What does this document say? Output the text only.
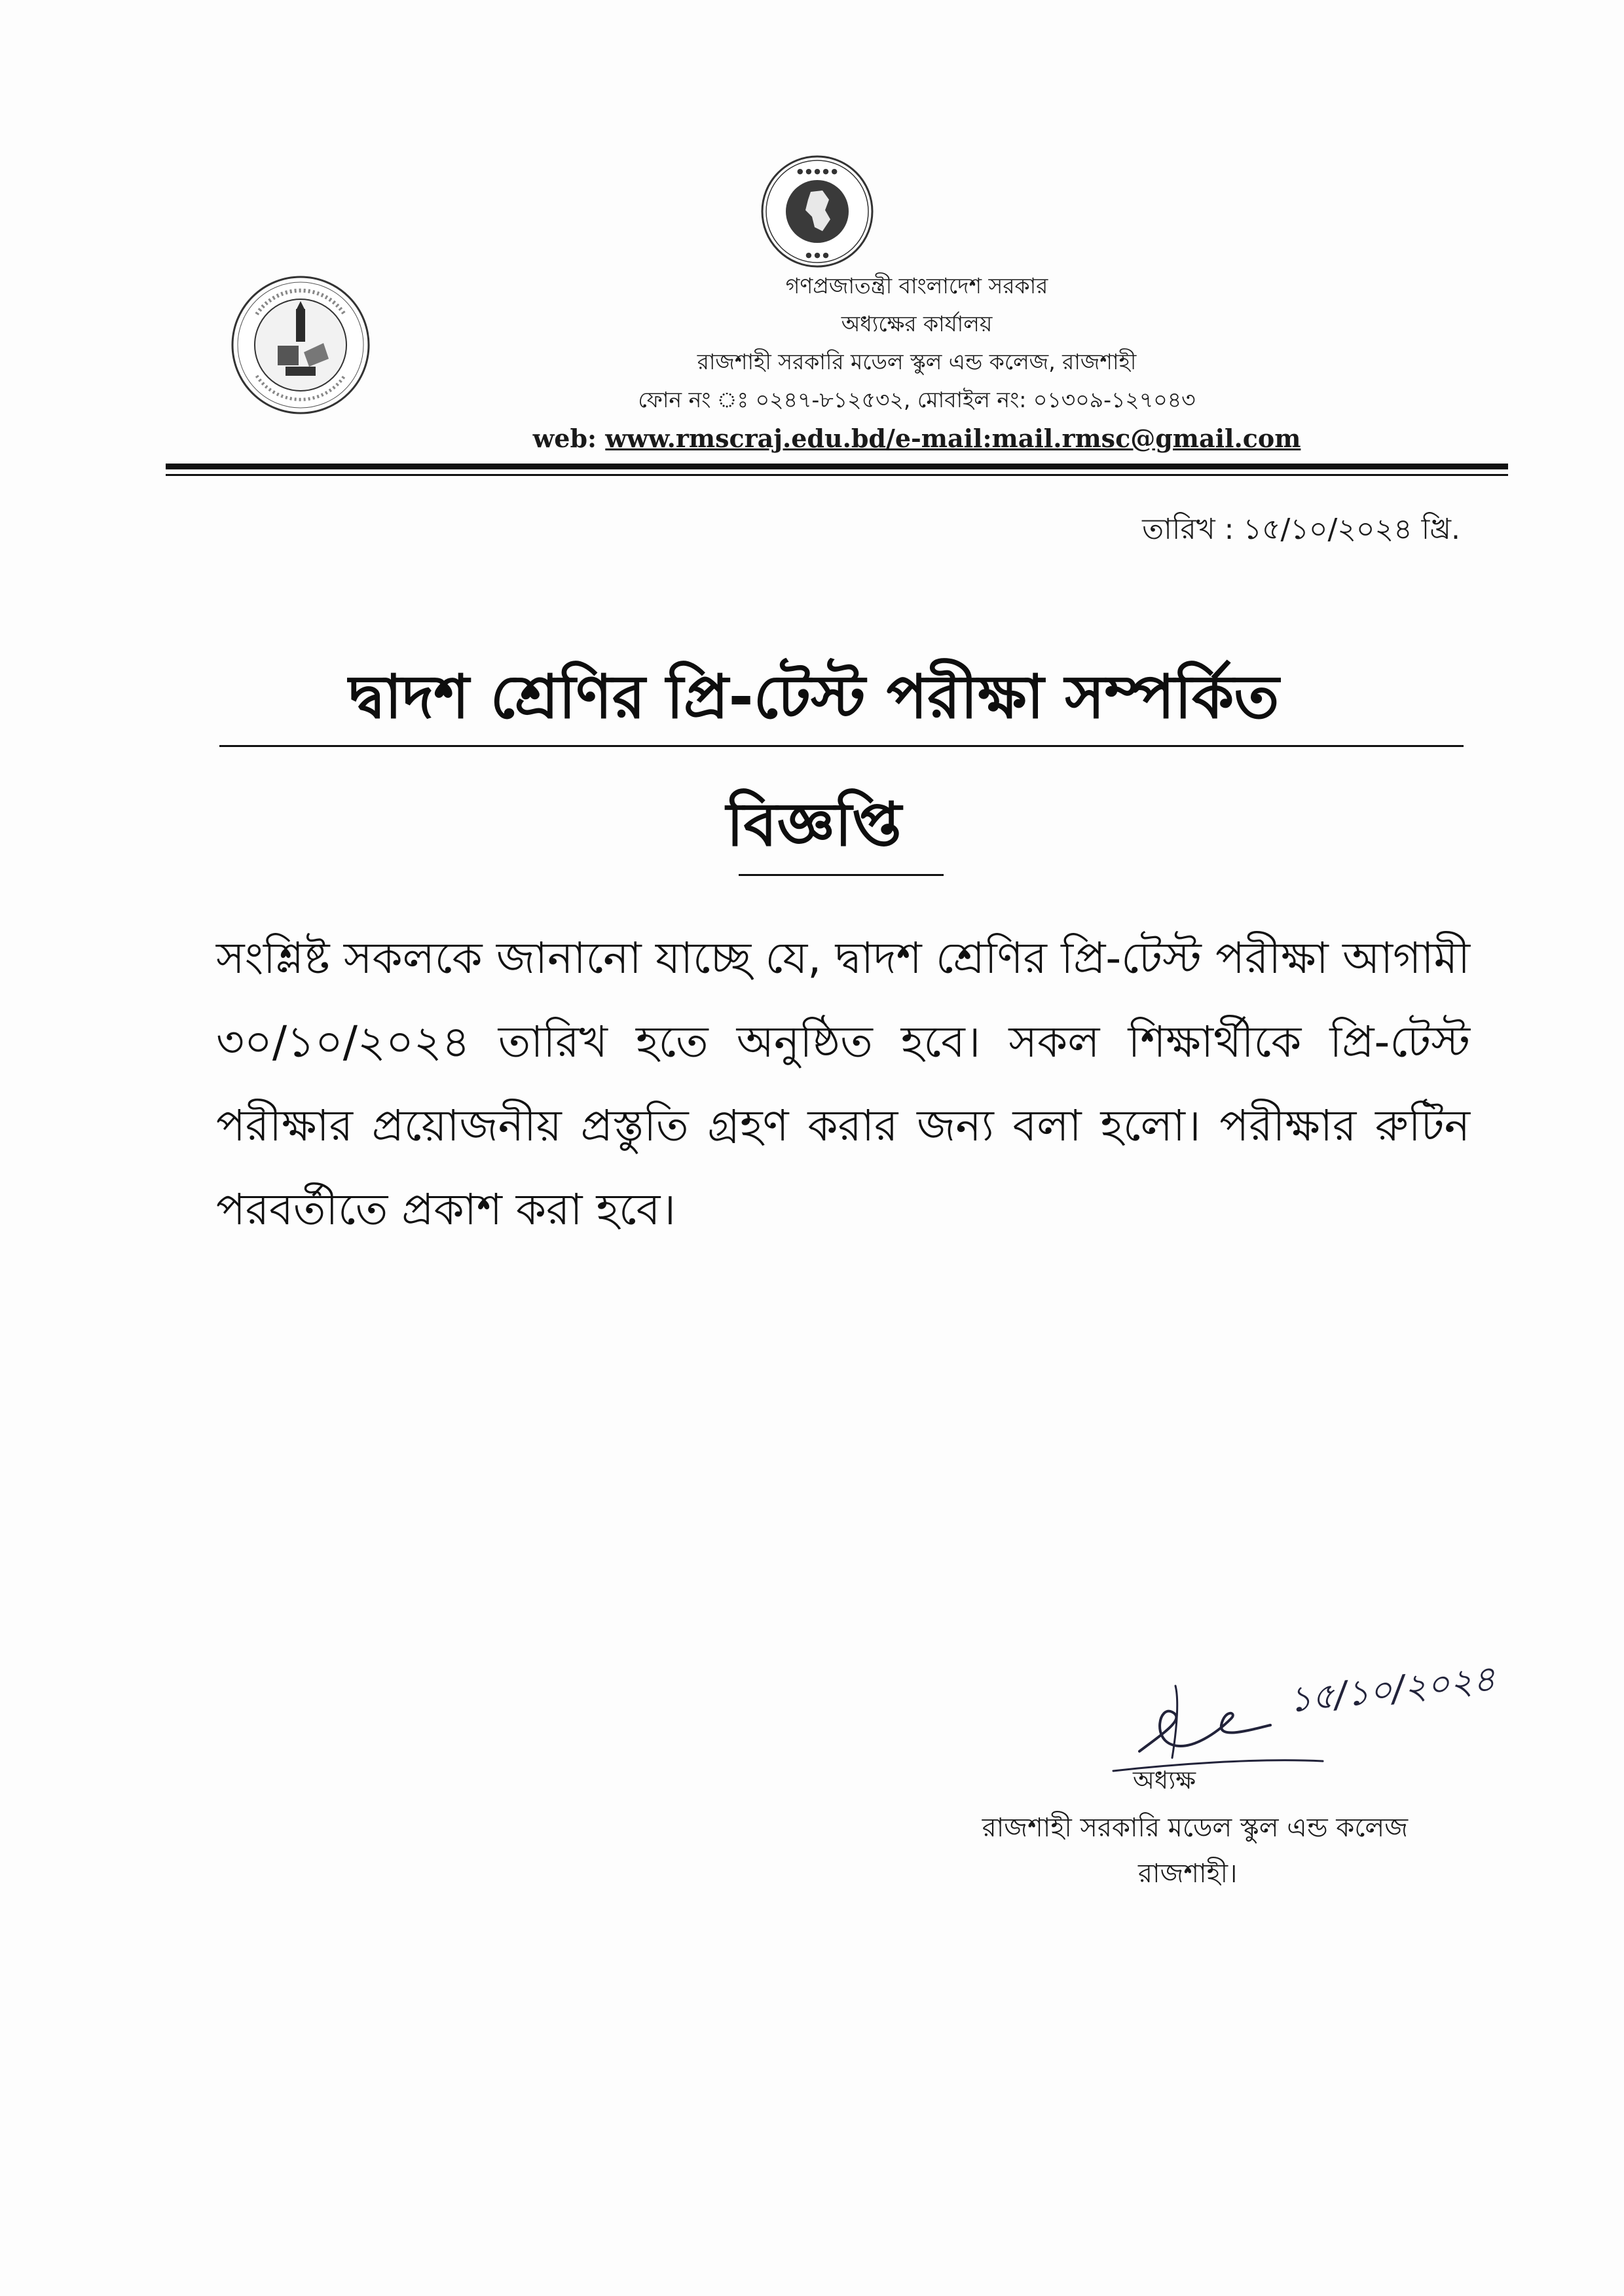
● ● ● ● ●
● ● ●
গণপ্রজাতন্ত্রী বাংলাদেশ সরকার
অধ্যক্ষের কার্যালয়
রাজশাহী সরকারি মডেল স্কুল এন্ড কলেজ, রাজশাহী
ফোন নং ঃ ০২৪৭-৮১২৫৩২, মোবাইল নং: ০১৩০৯-১২৭০৪৩
web: www.rmscraj.edu.bd/e-mail:mail.rmsc@gmail.com
তারিখ : ১৫/১০/২০২৪ খ্রি.
দ্বাদশ শ্রেণির প্রি-টেস্ট পরীক্ষা সম্পর্কিত
বিজ্ঞপ্তি
সংশ্লিষ্ট সকলকে জানানো যাচ্ছে যে, দ্বাদশ শ্রেণির প্রি-টেস্ট পরীক্ষা আগামী ৩০/১০/২০২৪ তারিখ হতে অনুষ্ঠিত হবে। সকল শিক্ষার্থীকে প্রি-টেস্ট পরীক্ষার প্রয়োজনীয় প্রস্তুতি গ্রহণ করার জন্য বলা হলো। পরীক্ষার রুটিন পরবর্তীতে প্রকাশ করা হবে।
১৫/১০/২০২৪
অধ্যক্ষ
রাজশাহী সরকারি মডেল স্কুল এন্ড কলেজ
রাজশাহী।
